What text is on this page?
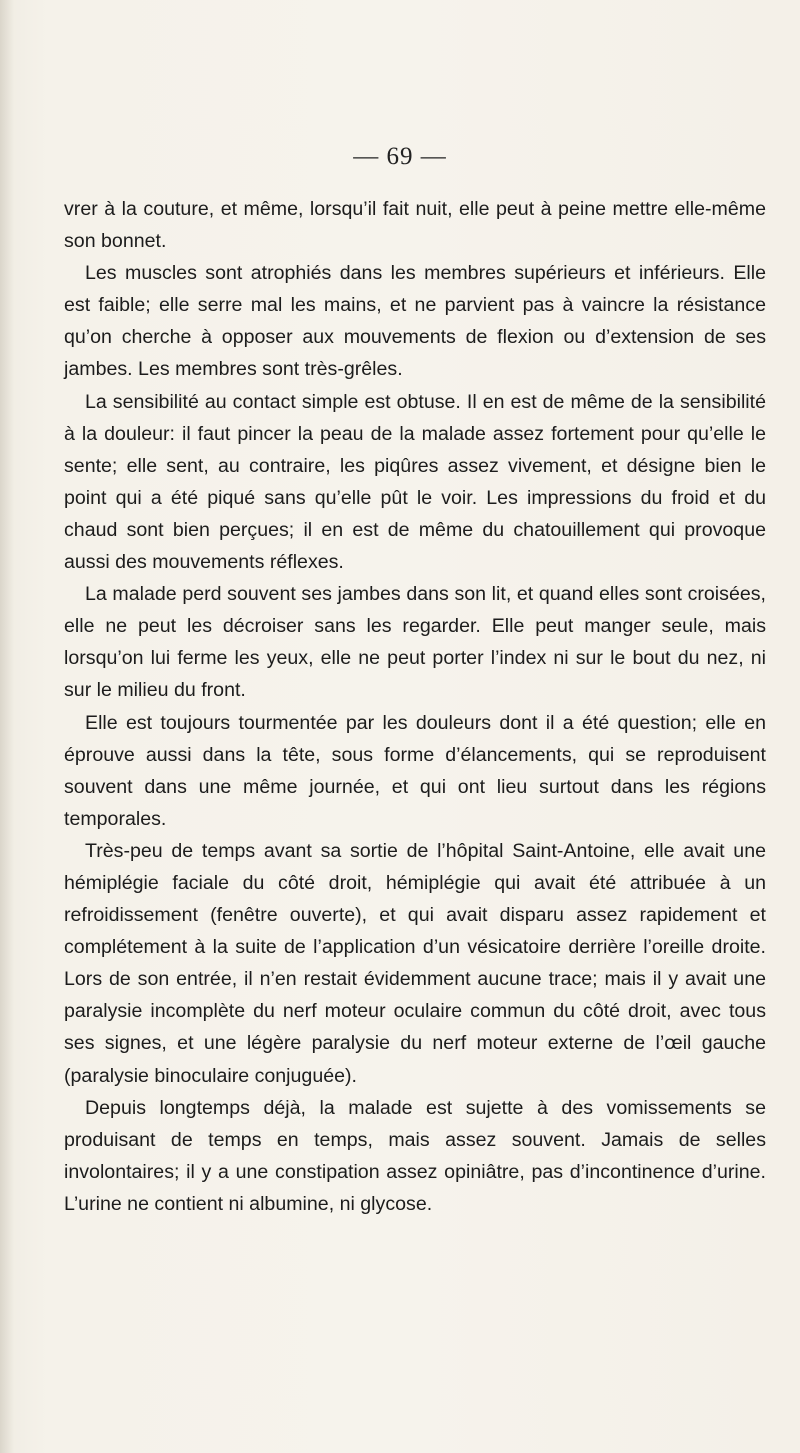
— 69 —

vrer à la couture, et même, lorsqu’il fait nuit, elle peut à peine mettre elle-même son bonnet.

Les muscles sont atrophiés dans les membres supérieurs et inférieurs. Elle est faible; elle serre mal les mains, et ne parvient pas à vaincre la résistance qu’on cherche à opposer aux mouvements de flexion ou d’extension de ses jambes. Les membres sont très-grêles.

La sensibilité au contact simple est obtuse. Il en est de même de la sensibilité à la douleur: il faut pincer la peau de la malade assez fortement pour qu’elle le sente; elle sent, au contraire, les piqûres assez vivement, et désigne bien le point qui a été piqué sans qu’elle pût le voir. Les impressions du froid et du chaud sont bien perçues; il en est de même du chatouillement qui provoque aussi des mouvements réflexes.

La malade perd souvent ses jambes dans son lit, et quand elles sont croisées, elle ne peut les décroiser sans les regarder. Elle peut manger seule, mais lorsqu’on lui ferme les yeux, elle ne peut porter l’index ni sur le bout du nez, ni sur le milieu du front.

Elle est toujours tourmentée par les douleurs dont il a été question; elle en éprouve aussi dans la tête, sous forme d’élancements, qui se reproduisent souvent dans une même journée, et qui ont lieu surtout dans les régions temporales.

Très-peu de temps avant sa sortie de l’hôpital Saint-Antoine, elle avait une hémiplégie faciale du côté droit, hémiplégie qui avait été attribuée à un refroidissement (fenêtre ouverte), et qui avait disparu assez rapidement et complétement à la suite de l’application d’un vésicatoire derrière l’oreille droite. Lors de son entrée, il n’en restait évidemment aucune trace; mais il y avait une paralysie incomplète du nerf moteur oculaire commun du côté droit, avec tous ses signes, et une légère paralysie du nerf moteur externe de l’œil gauche (paralysie binoculaire conjuguée).

Depuis longtemps déjà, la malade est sujette à des vomissements se produisant de temps en temps, mais assez souvent. Jamais de selles involontaires; il y a une constipation assez opiniâtre, pas d’incontinence d’urine. L’urine ne contient ni albumine, ni glycose.
